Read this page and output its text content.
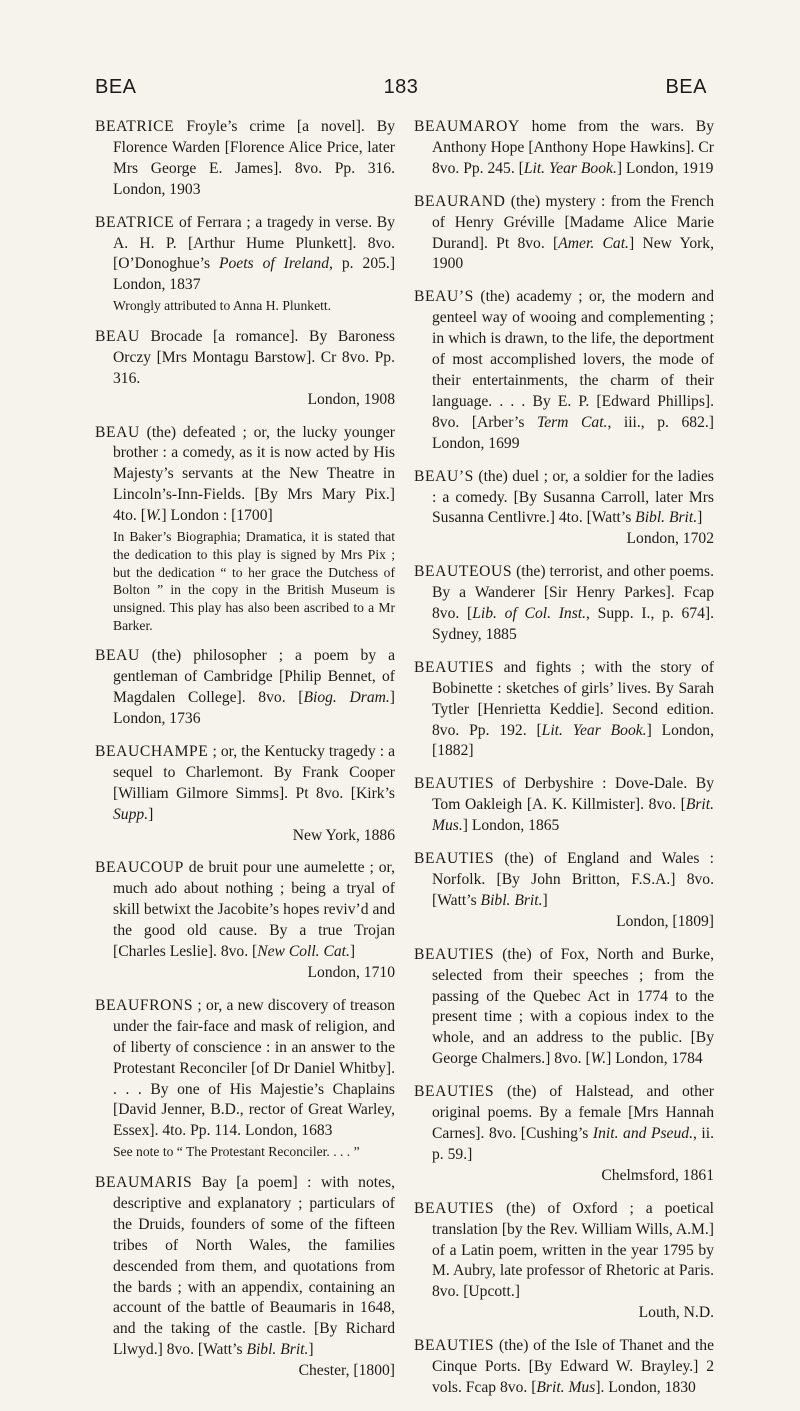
BEA	183	BEA

BEATRICE Froyle’s crime [a novel]. By Florence Warden [Florence Alice Price, later Mrs George E. James]. 8vo. Pp. 316. London, 1903

BEATRICE of Ferrara ; a tragedy in verse. By A. H. P. [Arthur Hume Plunkett]. 8vo. [O’Donoghue’s Poets of Ireland, p. 205.] London, 1837
Wrongly attributed to Anna H. Plunkett.

BEAU Brocade [a romance]. By Baroness Orczy [Mrs Montagu Barstow]. Cr 8vo. Pp. 316.
London, 1908

BEAU (the) defeated ; or, the lucky younger brother : a comedy, as it is now acted by His Majesty’s servants at the New Theatre in Lincoln’s-Inn-Fields. [By Mrs Mary Pix.] 4to. [W.] London : [1700]
In Baker’s Biographia; Dramatica, it is stated that the dedication to this play is signed by Mrs Pix ; but the dedication “ to her grace the Dutchess of Bolton ” in the copy in the British Museum is unsigned. This play has also been ascribed to a Mr Barker.

BEAU (the) philosopher ; a poem by a gentleman of Cambridge [Philip Bennet, of Magdalen College]. 8vo. [Biog. Dram.] London, 1736

BEAUCHAMPE ; or, the Kentucky tragedy : a sequel to Charlemont. By Frank Cooper [William Gilmore Simms]. Pt 8vo. [Kirk’s Supp.]
New York, 1886

BEAUCOUP de bruit pour une aumelette ; or, much ado about nothing ; being a tryal of skill betwixt the Jacobite’s hopes reviv’d and the good old cause. By a true Trojan [Charles Leslie]. 8vo. [New Coll. Cat.]
London, 1710

BEAUFRONS ; or, a new discovery of treason under the fair-face and mask of religion, and of liberty of conscience : in an answer to the Protestant Reconciler [of Dr Daniel Whitby]. . . . By one of His Majestie’s Chaplains [David Jenner, B.D., rector of Great Warley, Essex]. 4to. Pp. 114. London, 1683
See note to “ The Protestant Reconciler. . . . ”

BEAUMARIS Bay [a poem] : with notes, descriptive and explanatory ; particulars of the Druids, founders of some of the fifteen tribes of North Wales, the families descended from them, and quotations from the bards ; with an appendix, containing an account of the battle of Beaumaris in 1648, and the taking of the castle. [By Richard Llwyd.] 8vo. [Watt’s Bibl. Brit.]
Chester, [1800]

BEAUMAROY home from the wars. By Anthony Hope [Anthony Hope Hawkins]. Cr 8vo. Pp. 245. [Lit. Year Book.] London, 1919

BEAURAND (the) mystery : from the French of Henry Gréville [Madame Alice Marie Durand]. Pt 8vo. [Amer. Cat.] New York, 1900

BEAU’S (the) academy ; or, the modern and genteel way of wooing and complementing ; in which is drawn, to the life, the deportment of most accomplished lovers, the mode of their entertainments, the charm of their language. . . . By E. P. [Edward Phillips]. 8vo. [Arber’s Term Cat., iii., p. 682.] London, 1699

BEAU’S (the) duel ; or, a soldier for the ladies : a comedy. [By Susanna Carroll, later Mrs Susanna Centlivre.] 4to. [Watt’s Bibl. Brit.]
London, 1702

BEAUTEOUS (the) terrorist, and other poems. By a Wanderer [Sir Henry Parkes]. Fcap 8vo. [Lib. of Col. Inst., Supp. I., p. 674]. Sydney, 1885

BEAUTIES and fights ; with the story of Bobinette : sketches of girls’ lives. By Sarah Tytler [Henrietta Keddie]. Second edition. 8vo. Pp. 192. [Lit. Year Book.] London, [1882]

BEAUTIES of Derbyshire : Dove-Dale. By Tom Oakleigh [A. K. Killmister]. 8vo. [Brit. Mus.] London, 1865

BEAUTIES (the) of England and Wales : Norfolk. [By John Britton, F.S.A.] 8vo. [Watt’s Bibl. Brit.]
London, [1809]

BEAUTIES (the) of Fox, North and Burke, selected from their speeches ; from the passing of the Quebec Act in 1774 to the present time ; with a copious index to the whole, and an address to the public. [By George Chalmers.] 8vo. [W.] London, 1784

BEAUTIES (the) of Halstead, and other original poems. By a female [Mrs Hannah Carnes]. 8vo. [Cushing’s Init. and Pseud., ii. p. 59.]
Chelmsford, 1861

BEAUTIES (the) of Oxford ; a poetical translation [by the Rev. William Wills, A.M.] of a Latin poem, written in the year 1795 by M. Aubry, late professor of Rhetoric at Paris. 8vo. [Upcott.]
Louth, N.D.

BEAUTIES (the) of the Isle of Thanet and the Cinque Ports. [By Edward W. Brayley.] 2 vols. Fcap 8vo. [Brit. Mus]. London, 1830
